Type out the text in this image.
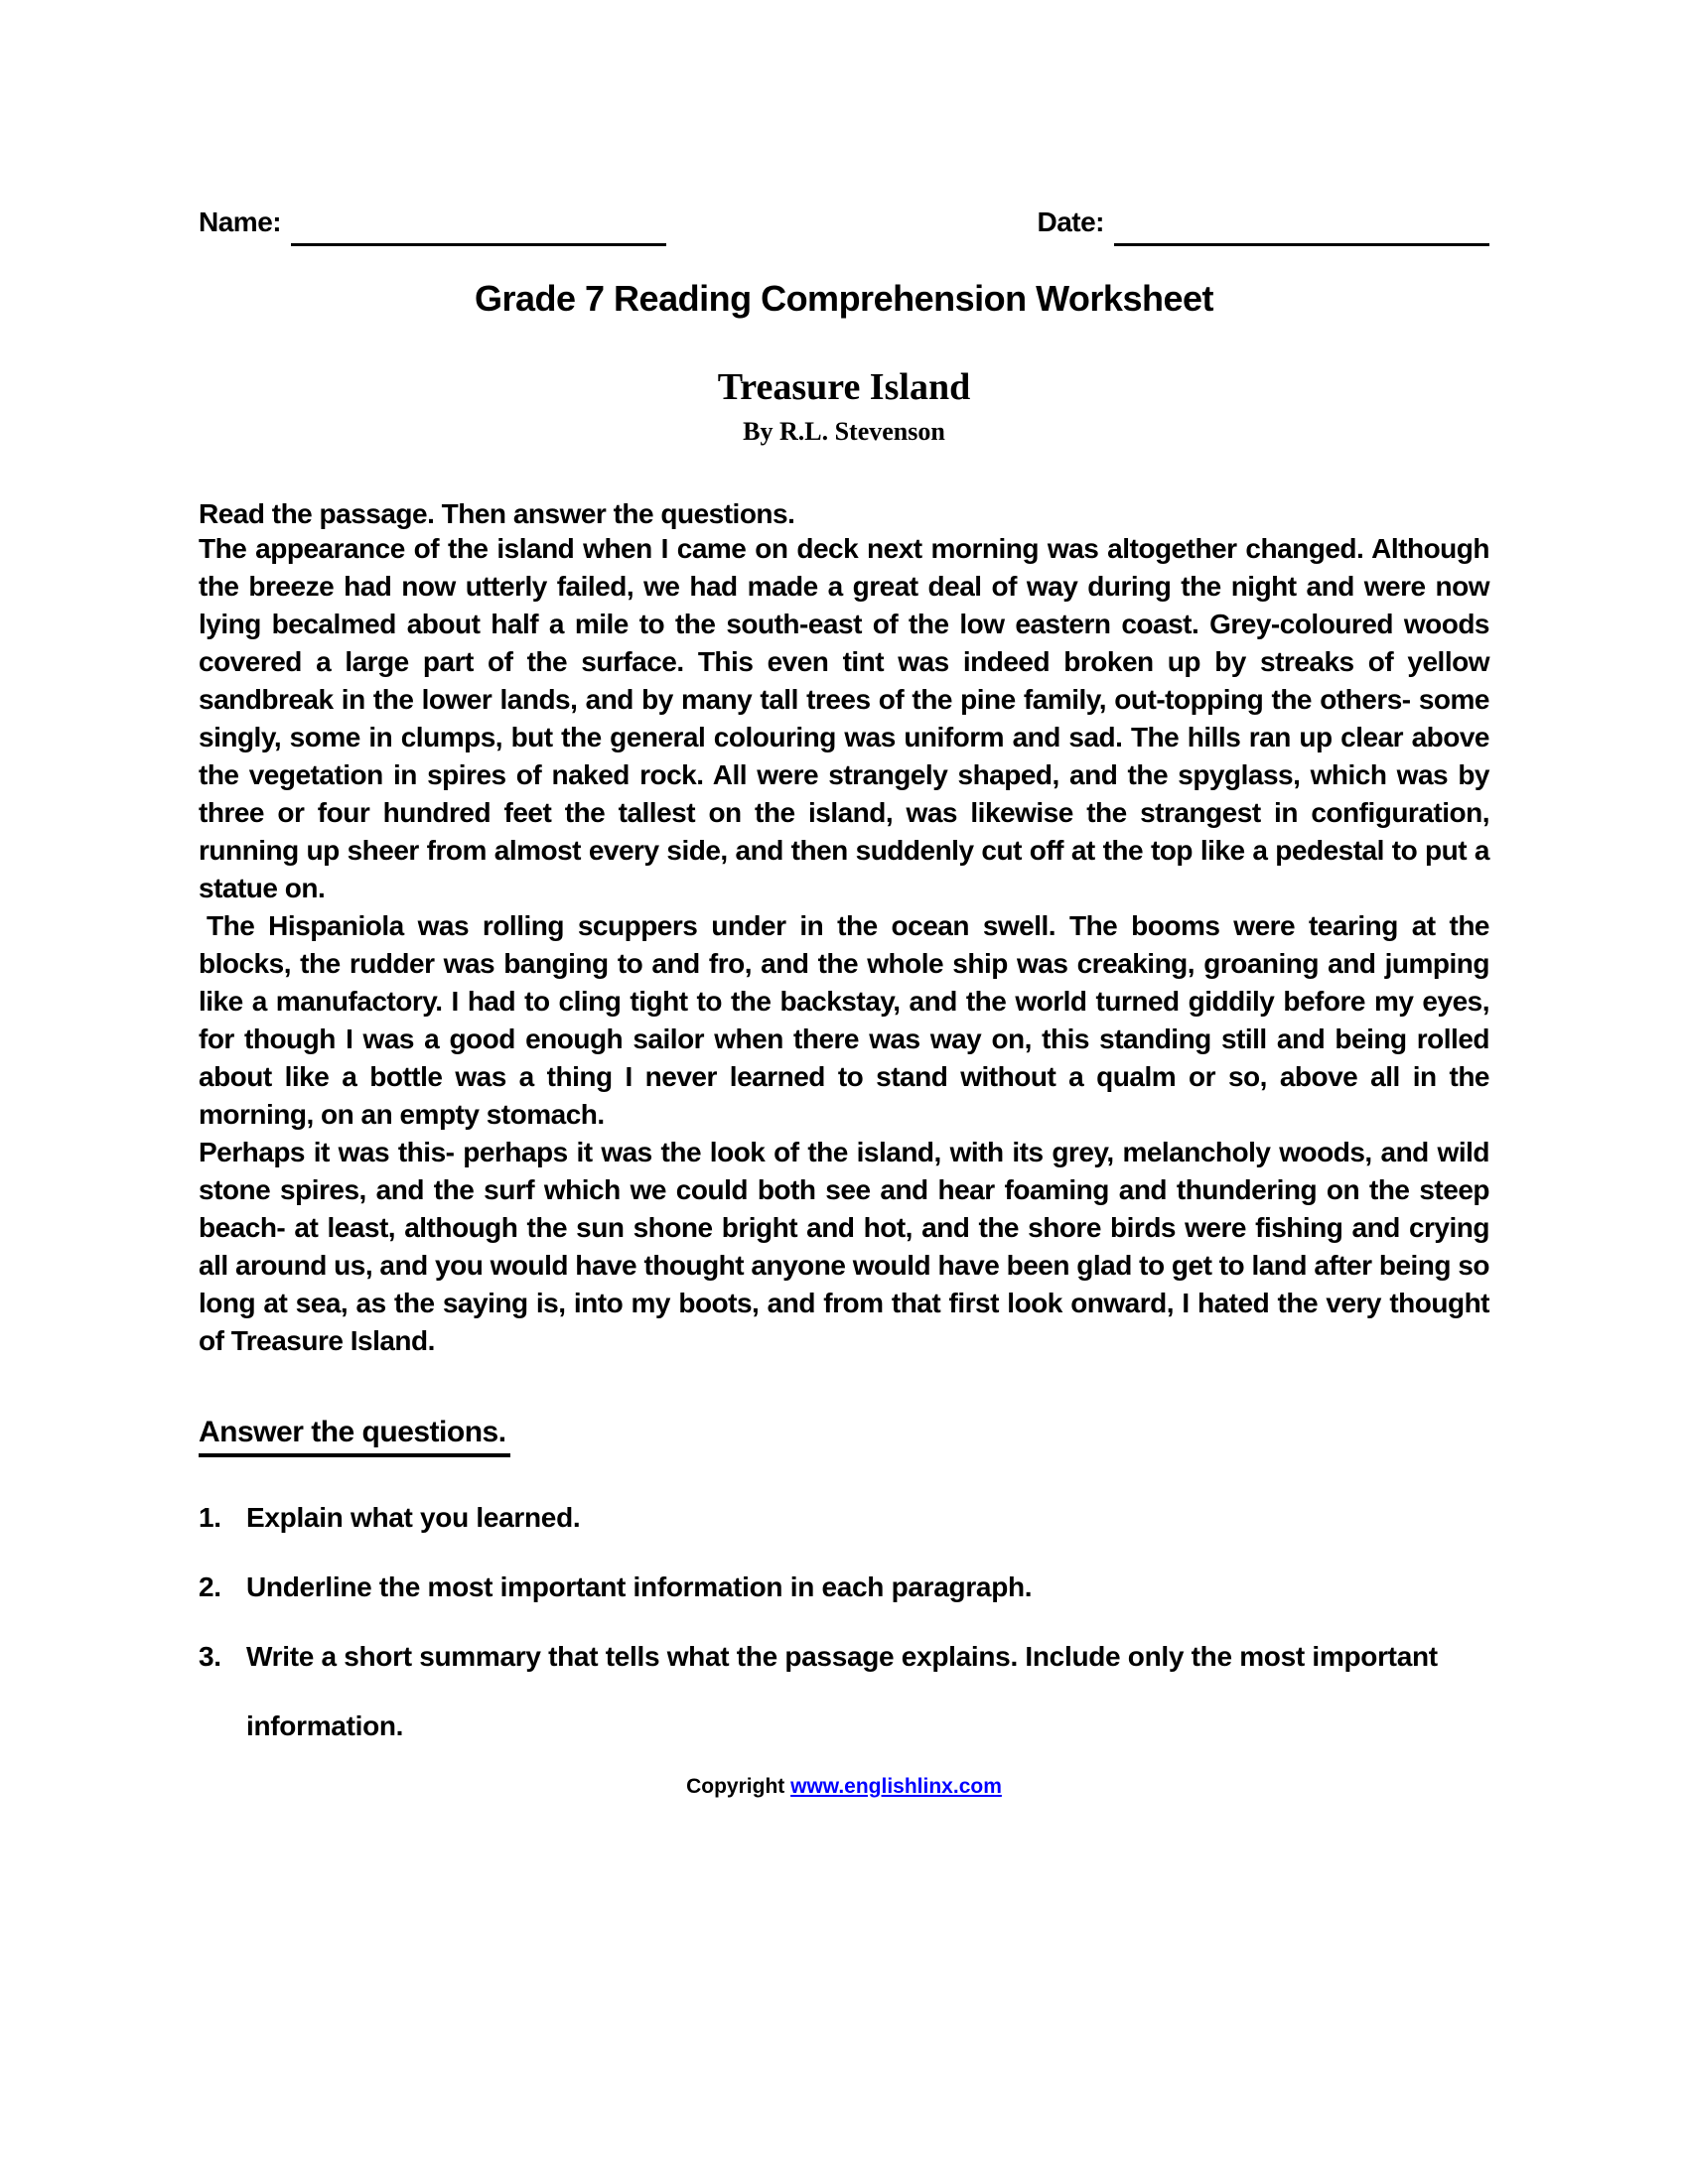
Name:	Date:
Grade 7 Reading Comprehension Worksheet
Treasure Island
By R.L. Stevenson

Read the passage. Then answer the questions.

The appearance of the island when I came on deck next morning was altogether changed. Although the breeze had now utterly failed, we had made a great deal of way during the night and were now lying becalmed about half a mile to the south-east of the low eastern coast. Grey-coloured woods covered a large part of the surface. This even tint was indeed broken up by streaks of yellow sandbreak in the lower lands, and by many tall trees of the pine family, out-topping the others- some singly, some in clumps, but the general colouring was uniform and sad. The hills ran up clear above the vegetation in spires of naked rock. All were strangely shaped, and the spyglass, which was by three or four hundred feet the tallest on the island, was likewise the strangest in configuration, running up sheer from almost every side, and then suddenly cut off at the top like a pedestal to put a statue on.

The Hispaniola was rolling scuppers under in the ocean swell. The booms were tearing at the blocks, the rudder was banging to and fro, and the whole ship was creaking, groaning and jumping like a manufactory. I had to cling tight to the backstay, and the world turned giddily before my eyes, for though I was a good enough sailor when there was way on, this standing still and being rolled about like a bottle was a thing I never learned to stand without a qualm or so, above all in the morning, on an empty stomach.

Perhaps it was this- perhaps it was the look of the island, with its grey, melancholy woods, and wild stone spires, and the surf which we could both see and hear foaming and thundering on the steep beach- at least, although the sun shone bright and hot, and the shore birds were fishing and crying all around us, and you would have thought anyone would have been glad to get to land after being so long at sea, as the saying is, into my boots, and from that first look onward, I hated the very thought of Treasure Island.

Answer the questions.

1. Explain what you learned.
2. Underline the most important information in each paragraph.
3. Write a short summary that tells what the passage explains. Include only the most important information.
Copyright www.englishlinx.com
